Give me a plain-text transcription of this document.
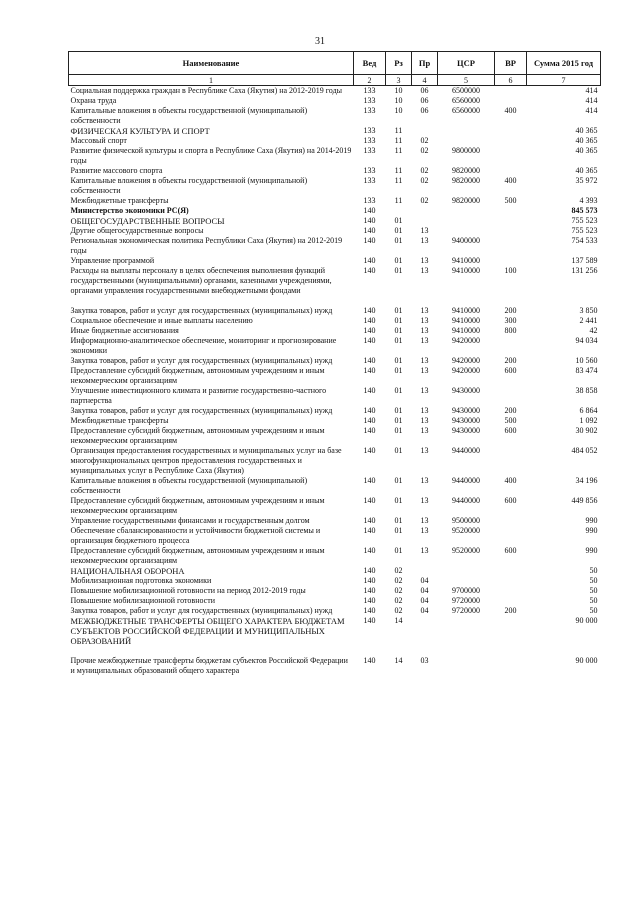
31
Наименование	Вед	Рз	Пр	ЦСР	ВР	Сумма 2015 год
1	2	3	4	5	6	7
Социальная поддержка граждан в Республике Саха (Якутия) на 2012-2019 годы	133	10	06	6500000		414
Охрана труда	133	10	06	6560000		414
Капитальные вложения в объекты государственной (муниципальной) собственности	133	10	06	6560000	400	414
ФИЗИЧЕСКАЯ КУЛЬТУРА И СПОРТ	133	11				40 365
Массовый спорт	133	11	02			40 365
Развитие физической культуры и спорта в Республике Саха (Якутия) на 2014-2019 годы	133	11	02	9800000		40 365
Развитие массового спорта	133	11	02	9820000		40 365
Капитальные вложения в объекты государственной (муниципальной) собственности	133	11	02	9820000	400	35 972
Межбюджетные трансферты	133	11	02	9820000	500	4 393
Министерство экономики РС(Я)	140					845 573
ОБЩЕГОСУДАРСТВЕННЫЕ ВОПРОСЫ	140	01				755 523
Другие общегосударственные вопросы	140	01	13			755 523
Региональная экономическая политика Республики Саха (Якутия) на 2012-2019 годы	140	01	13	9400000		754 533
Управление программой	140	01	13	9410000		137 589
Расходы на выплаты персоналу в целях обеспечения выполнения функций государственными (муниципальными) органами, казенными учреждениями, органами управления государственными внебюджетными фондами	140	01	13	9410000	100	131 256
Закупка товаров, работ и услуг для государственных (муниципальных) нужд	140	01	13	9410000	200	3 850
Социальное обеспечение и иные выплаты населению	140	01	13	9410000	300	2 441
Иные бюджетные ассигнования	140	01	13	9410000	800	42
Информационно-аналитическое обеспечение, мониторинг и прогнозирование экономики	140	01	13	9420000		94 034
Закупка товаров, работ и услуг для государственных (муниципальных) нужд	140	01	13	9420000	200	10 560
Предоставление субсидий бюджетным, автономным учреждениям и иным некоммерческим организациям	140	01	13	9420000	600	83 474
Улучшение инвестиционного климата и развитие государственно-частного партнерства	140	01	13	9430000		38 858
Закупка товаров, работ и услуг для государственных (муниципальных) нужд	140	01	13	9430000	200	6 864
Межбюджетные трансферты	140	01	13	9430000	500	1 092
Предоставление субсидий бюджетным, автономным учреждениям и иным некоммерческим организациям	140	01	13	9430000	600	30 902
Организация предоставления государственных и муниципальных услуг на базе многофункциональных центров предоставления государственных и муниципальных услуг в Республике Саха (Якутия)	140	01	13	9440000		484 052
Капитальные вложения в объекты государственной (муниципальной) собственности	140	01	13	9440000	400	34 196
Предоставление субсидий бюджетным, автономным учреждениям и иным некоммерческим организациям	140	01	13	9440000	600	449 856
Управление государственными финансами и государственным долгом	140	01	13	9500000		990
Обеспечение сбалансированности и устойчивости бюджетной системы и организация бюджетного процесса	140	01	13	9520000		990
Предоставление субсидий бюджетным, автономным учреждениям и иным некоммерческим организациям	140	01	13	9520000	600	990
НАЦИОНАЛЬНАЯ ОБОРОНА	140	02				50
Мобилизационная подготовка экономики	140	02	04			50
Повышение мобилизационной готовности на период 2012-2019 годы	140	02	04	9700000		50
Повышение мобилизационной готовности	140	02	04	9720000		50
Закупка товаров, работ и услуг для государственных (муниципальных) нужд	140	02	04	9720000	200	50
МЕЖБЮДЖЕТНЫЕ ТРАНСФЕРТЫ ОБЩЕГО ХАРАКТЕРА БЮДЖЕТАМ СУБЪЕКТОВ РОССИЙСКОЙ ФЕДЕРАЦИИ И МУНИЦИПАЛЬНЫХ ОБРАЗОВАНИЙ	140	14				90 000
Прочие межбюджетные трансферты бюджетам субъектов Российской Федерации и муниципальных образований общего характера	140	14	03			90 000
